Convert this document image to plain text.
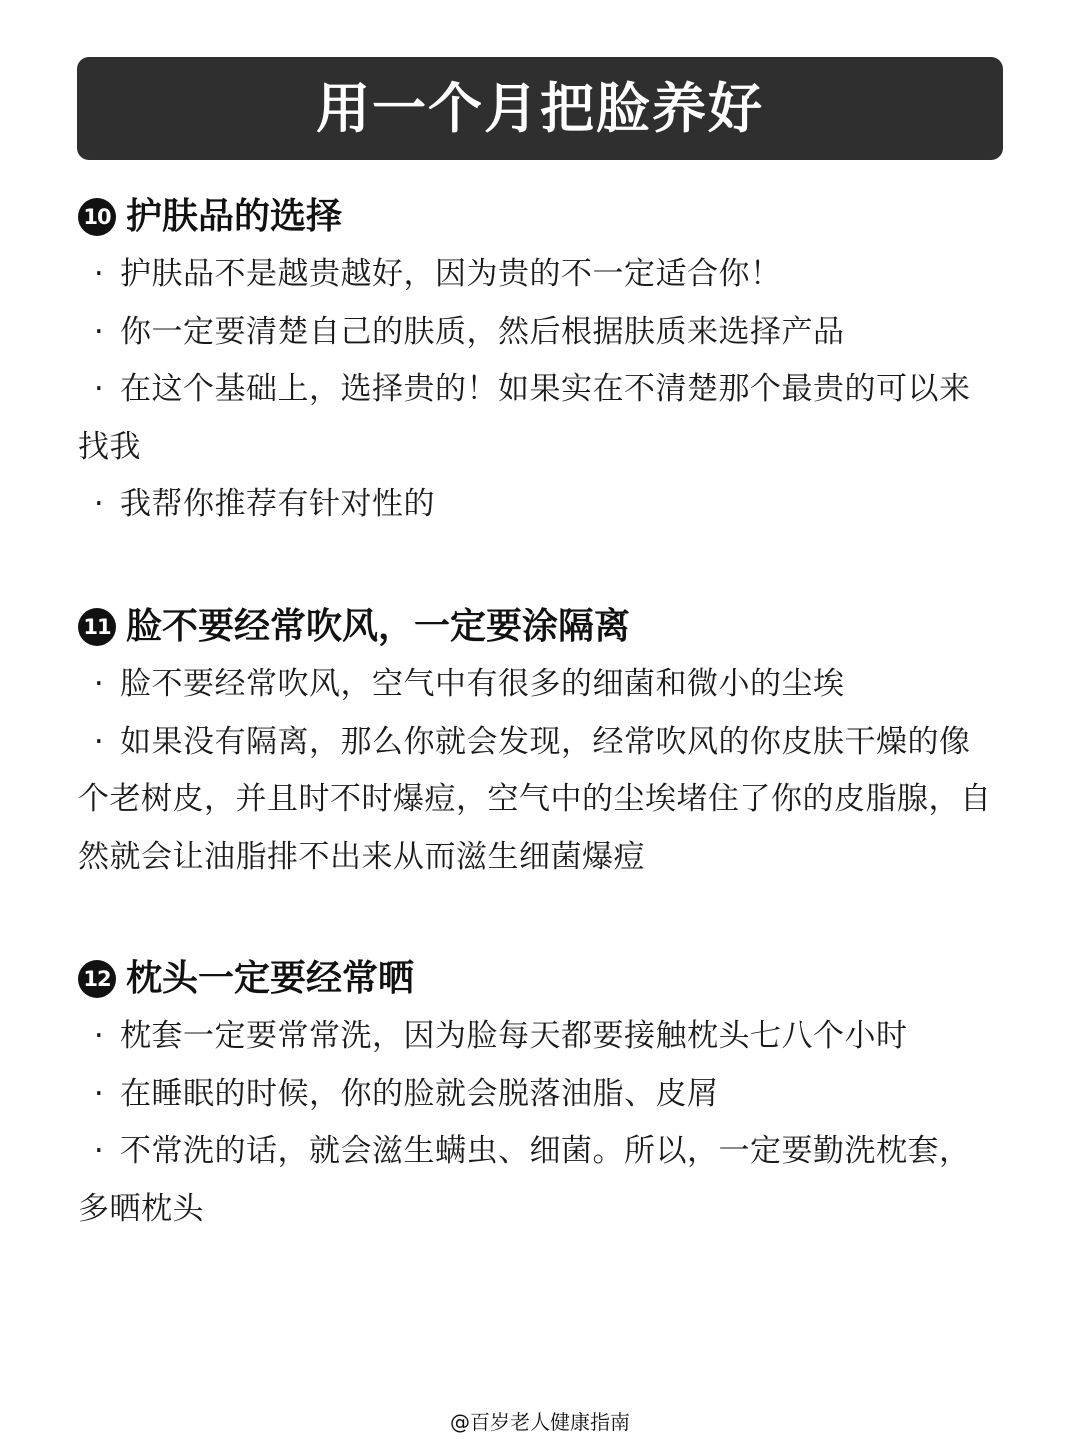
用一个月把脸养好
10 护肤品的选择
· 护肤品不是越贵越好，因为贵的不一定适合你！
· 你一定要清楚自己的肤质，然后根据肤质来选择产品
· 在这个基础上，选择贵的！如果实在不清楚那个最贵的可以来找我
· 我帮你推荐有针对性的
11 脸不要经常吹风，一定要涂隔离
· 脸不要经常吹风，空气中有很多的细菌和微小的尘埃
· 如果没有隔离，那么你就会发现，经常吹风的你皮肤干燥的像个老树皮，并且时不时爆痘，空气中的尘埃堵住了你的皮脂腺，自然就会让油脂排不出来从而滋生细菌爆痘
12 枕头一定要经常晒
· 枕套一定要常常洗，因为脸每天都要接触枕头七八个小时
· 在睡眠的时候，你的脸就会脱落油脂、皮屑
· 不常洗的话，就会滋生螨虫、细菌。所以，一定要勤洗枕套，多晒枕头
@百岁老人健康指南
